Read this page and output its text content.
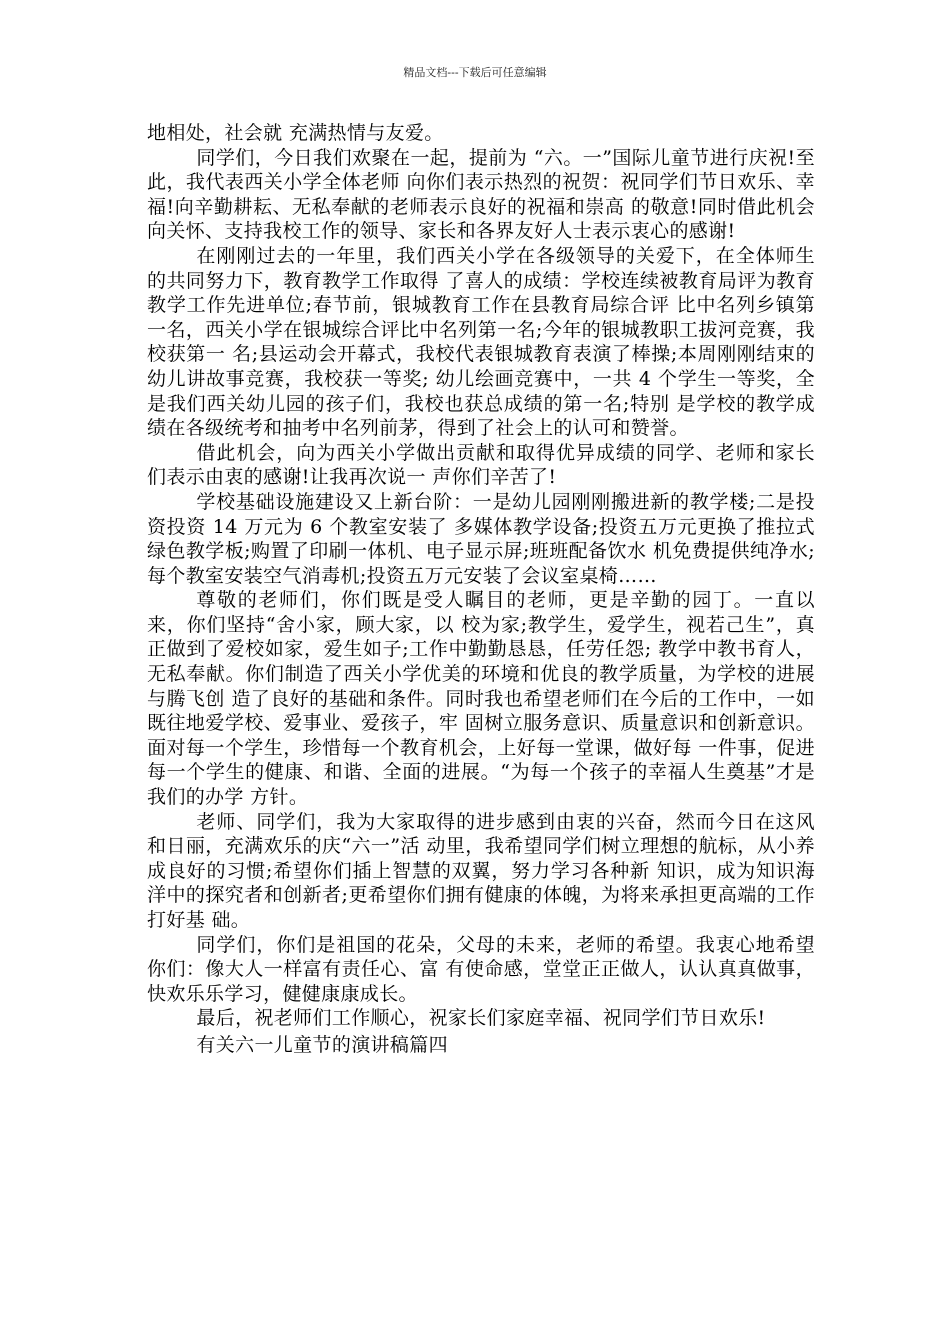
精品文档---下载后可任意编辑

地相处，社会就 充满热情与友爱。

同学们，今日我们欢聚在一起，提前为 “六。一”国际儿童节进行庆祝!至此，我代表西关小学全体老师 向你们表示热烈的祝贺：祝同学们节日欢乐、幸福!向辛勤耕耘、无私奉献的老师表示良好的祝福和崇高 的敬意!同时借此机会向关怀、支持我校工作的领导、家长和各界友好人士表示衷心的感谢!

在刚刚过去的一年里，我们西关小学在各级领导的关爱下，在全体师生的共同努力下，教育教学工作取得 了喜人的成绩：学校连续被教育局评为教育教学工作先进单位;春节前，银城教育工作在县教育局综合评 比中名列乡镇第一名，西关小学在银城综合评比中名列第一名;今年的银城教职工拔河竞赛，我校获第一 名;县运动会开幕式，我校代表银城教育表演了棒操;本周刚刚结束的幼儿讲故事竞赛，我校获一等奖; 幼儿绘画竞赛中，一共 4 个学生一等奖，全是我们西关幼儿园的孩子们，我校也获总成绩的第一名;特别 是学校的教学成绩在各级统考和抽考中名列前茅，得到了社会上的认可和赞誉。

借此机会，向为西关小学做出贡献和取得优异成绩的同学、老师和家长们表示由衷的感谢!让我再次说一 声你们辛苦了!

学校基础设施建设又上新台阶：一是幼儿园刚刚搬进新的教学楼;二是投资投资 14 万元为 6 个教室安装了 多媒体教学设备;投资五万元更换了推拉式绿色教学板;购置了印刷一体机、电子显示屏;班班配备饮水 机免费提供纯净水;每个教室安装空气消毒机;投资五万元安装了会议室桌椅……

尊敬的老师们，你们既是受人瞩目的老师，更是辛勤的园丁。一直以来，你们坚持“舍小家，顾大家，以 校为家;教学生，爱学生，视若己生”，真正做到了爱校如家，爱生如子;工作中勤勤恳恳，任劳任怨; 教学中教书育人，无私奉献。你们制造了西关小学优美的环境和优良的教学质量，为学校的进展与腾飞创 造了良好的基础和条件。同时我也希望老师们在今后的工作中，一如既往地爱学校、爱事业、爱孩子，牢 固树立服务意识、质量意识和创新意识。面对每一个学生，珍惜每一个教育机会，上好每一堂课，做好每 一件事，促进每一个学生的健康、和谐、全面的进展。“为每一个孩子的幸福人生奠基”才是我们的办学 方针。

老师、同学们，我为大家取得的进步感到由衷的兴奋，然而今日在这风和日丽，充满欢乐的庆“六一”活 动里，我希望同学们树立理想的航标，从小养成良好的习惯;希望你们插上智慧的双翼，努力学习各种新 知识，成为知识海洋中的探究者和创新者;更希望你们拥有健康的体魄，为将来承担更高端的工作打好基 础。

同学们，你们是祖国的花朵，父母的未来，老师的希望。我衷心地希望你们：像大人一样富有责任心、富 有使命感，堂堂正正做人，认认真真做事，快欢乐乐学习，健健康康成长。

最后，祝老师们工作顺心，祝家长们家庭幸福、祝同学们节日欢乐!

有关六一儿童节的演讲稿篇四
